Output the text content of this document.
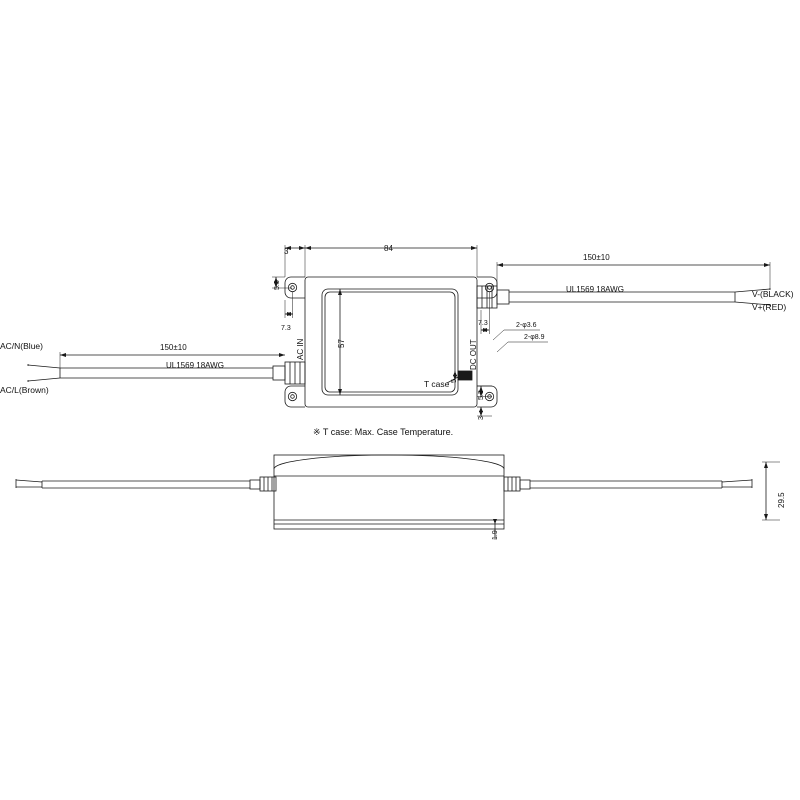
3	84
5.3
7.3
57
AC IN	DC OUT
150±10
UL1569 18AWG
150±10
UL1569 18AWG
AC/N(Blue)
AC/L(Brown)
V-(BLACK)
V+(RED)
7.3
5.3
3
2-φ3.6
2-φ8.9
T case 5
※ T case: Max. Case Temperature.
29.5
1.9
